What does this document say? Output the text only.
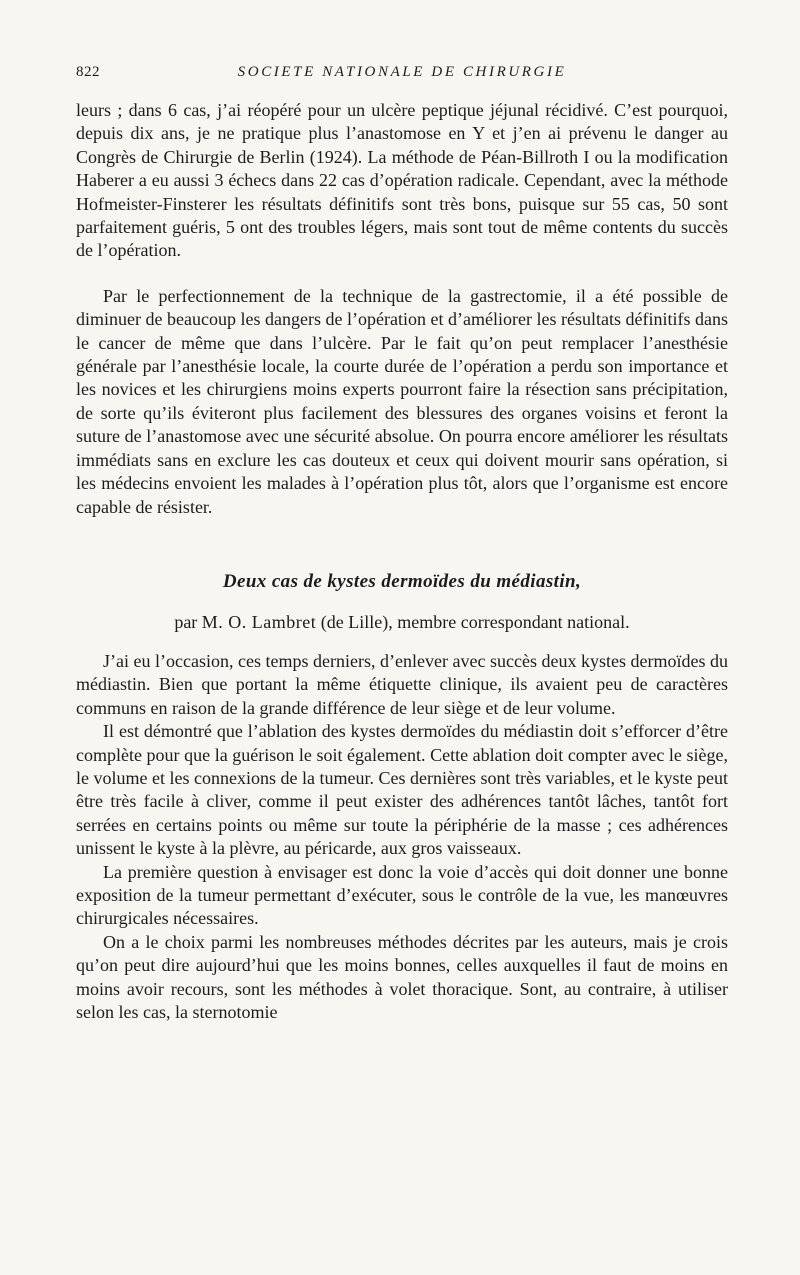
822	SOCIETE NATIONALE DE CHIRURGIE

leurs ; dans 6 cas, j’ai réopéré pour un ulcère peptique jéjunal récidivé. C’est pourquoi, depuis dix ans, je ne pratique plus l’anastomose en Y et j’en ai prévenu le danger au Congrès de Chirurgie de Berlin (1924). La méthode de Péan-Billroth I ou la modification Haberer a eu aussi 3 échecs dans 22 cas d’opération radicale. Cependant, avec la méthode Hofmeister-Finsterer les résultats définitifs sont très bons, puisque sur 55 cas, 50 sont parfaitement guéris, 5 ont des troubles légers, mais sont tout de même contents du succès de l’opération.

Par le perfectionnement de la technique de la gastrectomie, il a été possible de diminuer de beaucoup les dangers de l’opération et d’améliorer les résultats définitifs dans le cancer de même que dans l’ulcère. Par le fait qu’on peut remplacer l’anesthésie générale par l’anesthésie locale, la courte durée de l’opération a perdu son importance et les novices et les chirurgiens moins experts pourront faire la résection sans précipitation, de sorte qu’ils éviteront plus facilement des blessures des organes voisins et feront la suture de l’anastomose avec une sécurité absolue. On pourra encore améliorer les résultats immédiats sans en exclure les cas douteux et ceux qui doivent mourir sans opération, si les médecins envoient les malades à l’opération plus tôt, alors que l’organisme est encore capable de résister.

Deux cas de kystes dermoïdes du médiastin,

par M. O. Lambret (de Lille), membre correspondant national.

J’ai eu l’occasion, ces temps derniers, d’enlever avec succès deux kystes dermoïdes du médiastin. Bien que portant la même étiquette clinique, ils avaient peu de caractères communs en raison de la grande différence de leur siège et de leur volume.

Il est démontré que l’ablation des kystes dermoïdes du médiastin doit s’efforcer d’être complète pour que la guérison le soit également. Cette ablation doit compter avec le siège, le volume et les connexions de la tumeur. Ces dernières sont très variables, et le kyste peut être très facile à cliver, comme il peut exister des adhérences tantôt lâches, tantôt fort serrées en certains points ou même sur toute la périphérie de la masse ; ces adhérences unissent le kyste à la plèvre, au péricarde, aux gros vaisseaux.

La première question à envisager est donc la voie d’accès qui doit donner une bonne exposition de la tumeur permettant d’exécuter, sous le contrôle de la vue, les manœuvres chirurgicales nécessaires.

On a le choix parmi les nombreuses méthodes décrites par les auteurs, mais je crois qu’on peut dire aujourd’hui que les moins bonnes, celles auxquelles il faut de moins en moins avoir recours, sont les méthodes à volet thoracique. Sont, au contraire, à utiliser selon les cas, la sternotomie
